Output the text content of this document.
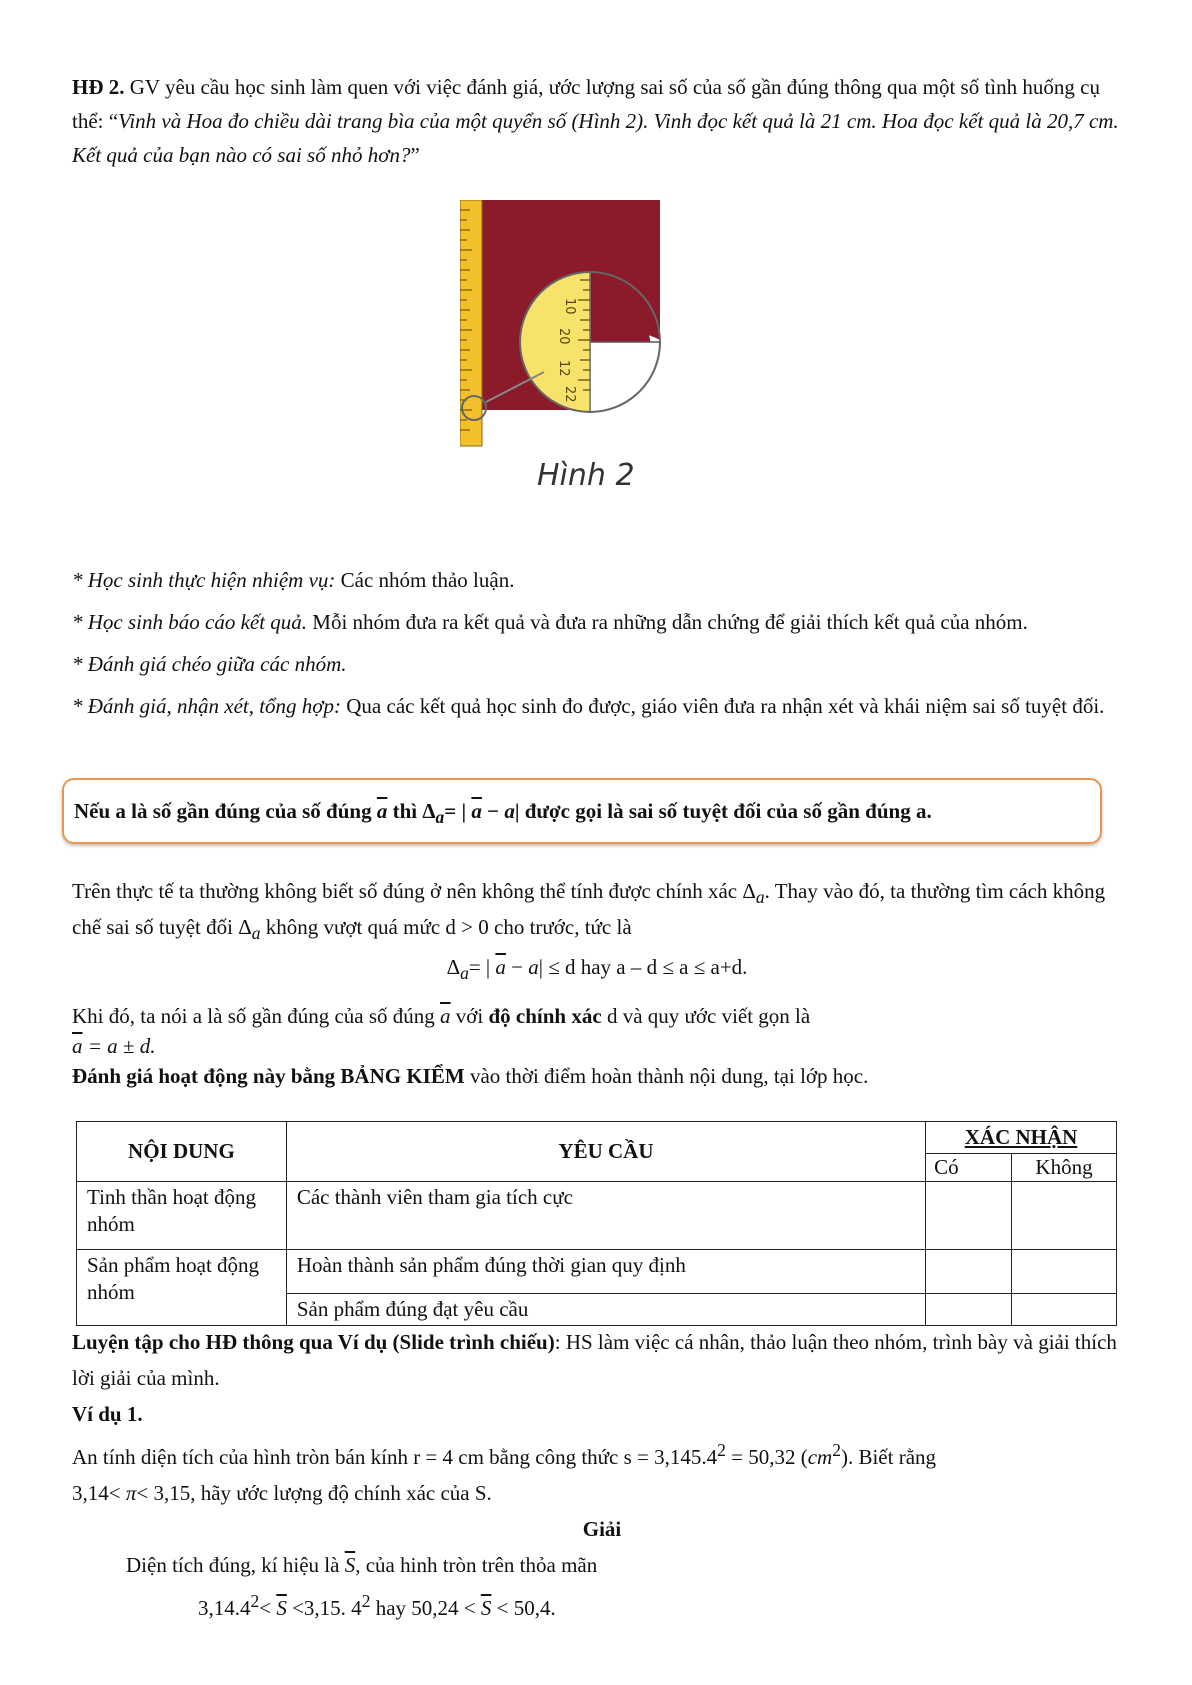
HĐ 2. GV yêu cầu học sinh làm quen với việc đánh giá, ước lượng sai số của số gần đúng thông qua một số tình huống cụ thể: “Vinh và Hoa đo chiều dài trang bìa của một quyển số (Hình 2). Vinh đọc kết quả là 21 cm. Hoa đọc kết quả là 20,7 cm. Kết quả của bạn nào có sai số nhỏ hơn?”

10
20
12
22
Hình 2

* Học sinh thực hiện nhiệm vụ: Các nhóm thảo luận.

* Học sinh báo cáo kết quả. Mỗi nhóm đưa ra kết quả và đưa ra những dẫn chứng để giải thích kết quả của nhóm.

* Đánh giá chéo giữa các nhóm.

* Đánh giá, nhận xét, tổng hợp: Qua các kết quả học sinh đo được, giáo viên đưa ra nhận xét và khái niệm sai số tuyệt đối.

Nếu a là số gần đúng của số đúng $\overline{a}$ thì $\Delta_a=$ | $\overline{a} - a|$ được gọi là sai số tuyệt đối của số gần đúng a.

Trên thực tế ta thường không biết số đúng ở nên không thể tính được chính xác $\Delta_a$. Thay vào đó, ta thường tìm cách không chế sai số tuyệt đối $\Delta_a$ không vượt quá mức d > 0 cho trước, tức là

$\Delta_a=$ | $\overline{a} - a| \le d$ hay a – d ≤ a ≤ a+d.

Khi đó, ta nói a là số gần đúng của số đúng $\overline{a}$ với độ chính xác d và quy ước viết gọn là

$\overline{a} = a \pm d$.

Đánh giá hoạt động này bằng BẢNG KIỂM vào thời điểm hoàn thành nội dung, tại lớp học.

NỘI DUNG	YÊU CẦU	XÁC NHẬN	
		Có	Không
Tinh thần hoạt động nhóm	Các thành viên tham gia tích cực		
Sản phẩm hoạt động nhóm	Hoàn thành sản phẩm đúng thời gian quy định		
	Sản phẩm đúng đạt yêu cầu		

Luyện tập cho HĐ thông qua Ví dụ (Slide trình chiếu): HS làm việc cá nhân, thảo luận theo nhóm, trình bày và giải thích lời giải của mình.

Ví dụ 1.

An tính diện tích của hình tròn bán kính r = 4 cm bằng công thức $s = 3,145.4^2 = 50,32$ $(cm^2)$. Biết rằng

3,14< π< 3,15, hãy ước lượng độ chính xác của S.

Giải

Diện tích đúng, kí hiệu là $\overline{S}$, của hinh tròn trên thỏa mãn

$3,14.4^2< \overline{S} <3,15$. $4^2$ hay $50,24 < \overline{S} < 50,4$.
